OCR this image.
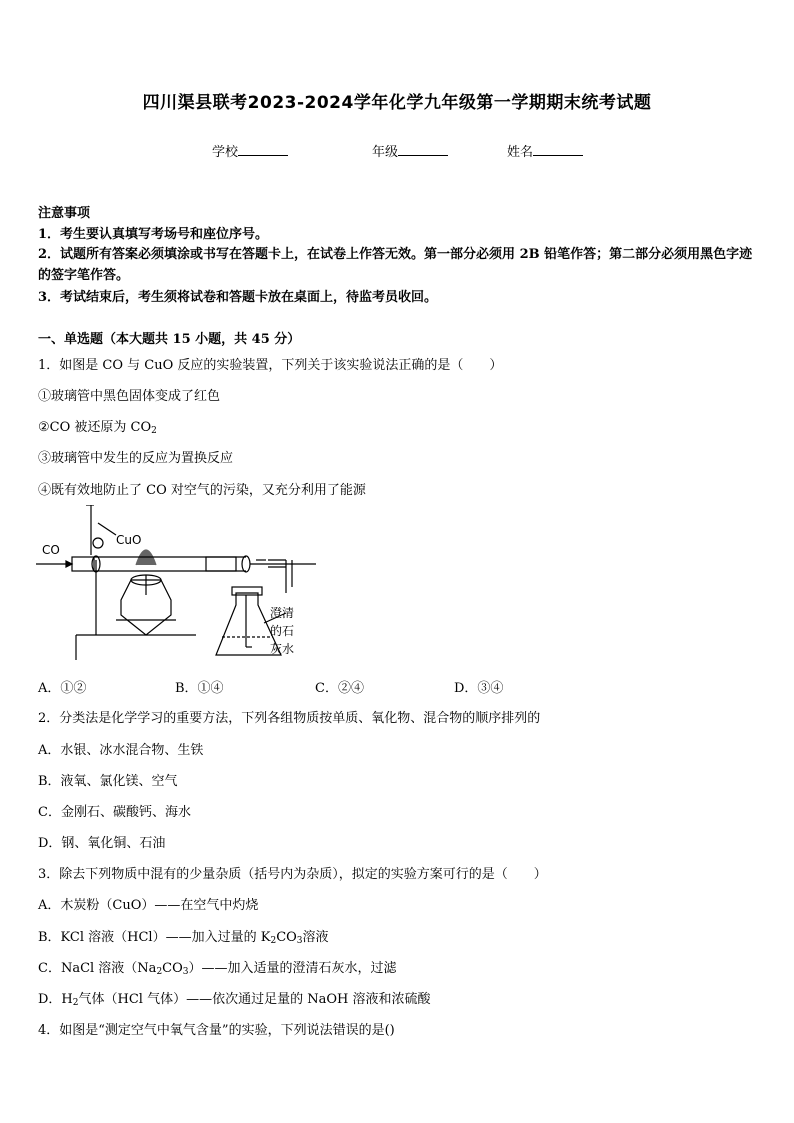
四川渠县联考2023-2024学年化学九年级第一学期期末统考试题
学校	年级	姓名
注意事项
1．考生要认真填写考场号和座位序号。
2．试题所有答案必须填涂或书写在答题卡上，在试卷上作答无效。第一部分必须用 2B 铅笔作答；第二部分必须用黑色字迹的签字笔作答。
3．考试结束后，考生须将试卷和答题卡放在桌面上，待监考员收回。
一、单选题（本大题共 15 小题，共 45 分）
1．如图是 CO 与 CuO 反应的实验装置，下列关于该实验说法正确的是（　　）
①玻璃管中黑色固体变成了红色
②CO 被还原为 $CO_2$
③玻璃管中发生的反应为置换反应
④既有效地防止了 CO 对空气的污染，又充分利用了能源
CO
CuO
澄清
的石
灰水
A．①②	B．①④	C．②④	D．③④
2．分类法是化学学习的重要方法，下列各组物质按单质、氧化物、混合物的顺序排列的
A．水银、冰水混合物、生铁
B．液氧、氯化镁、空气
C．金刚石、碳酸钙、海水
D．钢、氧化铜、石油
3．除去下列物质中混有的少量杂质（括号内为杂质），拟定的实验方案可行的是（　　）
A．木炭粉（CuO）——在空气中灼烧
B．KCl 溶液（HCl）——加入过量的 $K_2CO_3$溶液
C．NaCl 溶液$(Na_2CO_3)——$加入适量的澄清石灰水，过滤
D．$H_2$气体（HCl 气体）——依次通过足量的 NaOH 溶液和浓硫酸
4．如图是“测定空气中氧气含量”的实验，下列说法错误的是()
